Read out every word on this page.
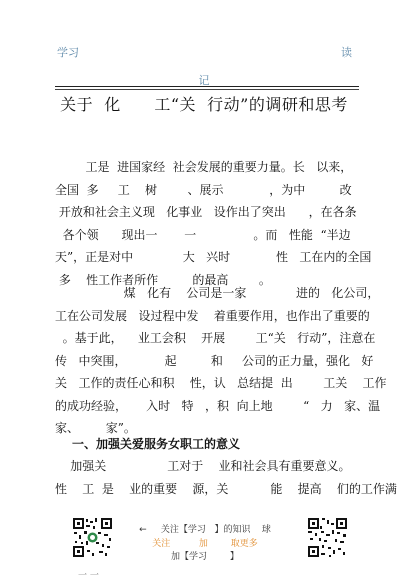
学习	读
记
关于  化      工“关  行动”的调研和思考

工是  进国家经  社会发展的重要力量。长   以来，

全国  多     工    树        、展示            ，为中         改

开放和社会主义现   化事业   设作出了突出      ，在各条

各个领      现出一       一               。而   性能  “半边

天”，正是对中             大   兴时            性   工在内的全国

多    性工作者所作         的最高        。

煤   化有    公司是一家             进的   化公司，

工在公司发展   设过程中发    着重要作用，也作出了重要的

。基于此，    业工会积    开展        工“关   行动”，注意在

传   中突围，          起         和     公司的正力量，强化   好

关   工作的责任心和积    性，认   总结提  出        工关    工作

的成功经验，     入时   特   ，积  向上地        “   力   家、温

家、       家”。

一、加强关爱服务女职工的意义

加强关                工对于    业和社会具有重要意义。

性    工  是    业的重要    源，关           能    提高    们的工作满

←     关注【学习   】的知识    球
关注          加        取更多
加【学习        】
一 一
